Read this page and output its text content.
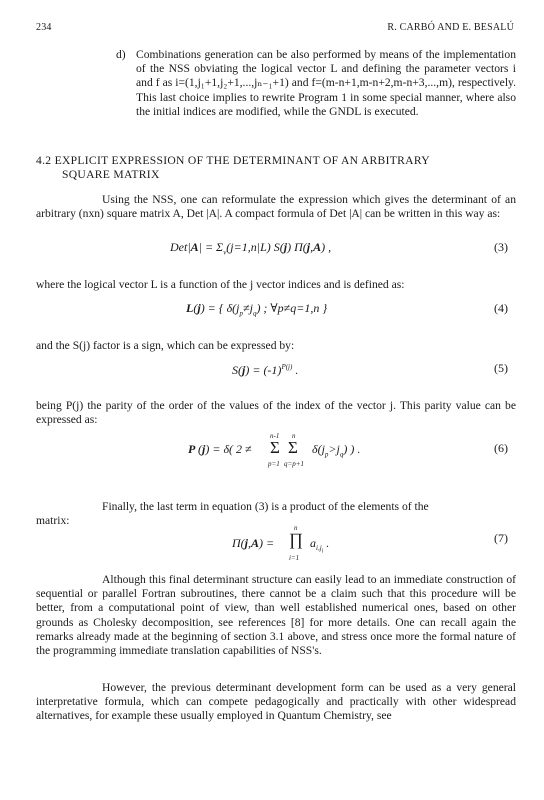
234	R. CARBÓ AND E. BESALÚ
d) Combinations generation can be also performed by means of the implementation of the NSS obviating the logical vector L and defining the parameter vectors i and f as i=(1,j₁+1,j₂+1,...,jₙ₋₁+1) and f=(m-n+1,m-n+2,m-n+3,...,m), respectively. This last choice implies to rewrite Program 1 in some special manner, where also the initial indices are modified, while the GNDL is executed.
4.2 EXPLICIT EXPRESSION OF THE DETERMINANT OF AN ARBITRARY
SQUARE MATRIX
Using the NSS, one can reformulate the expression which gives the determinant of an arbitrary (nxn) square matrix A, Det |A|. A compact formula of Det |A| can be written in this way as:
$Det|A| = \Sigma_v(j=1,n|L)$ S(j) Π(j,A) ,	(3)
where the logical vector L is a function of the j vector indices and is defined as:
L(j) = { $\delta(j_p\ne j_q)$ ; ∀p≠q=1,n }	(4)
and the S(j) factor is a sign, which can be expressed by:
$S(j) = (-1)^{P(j)}$ .	(5)
being P(j) the parity of the order of the values of the index of the vector j. This parity value can be expressed as:
P (j) = δ( 2 ≠
n-1
Σ
p=1
n
Σ
q=p+1
$\delta(j_p>j_q)$ ) .	(6)
Finally, the last term in equation (3) is a product of the elements of the
matrix:
Π(j,A) =
n
∏
i=1
$a_{i,j_i}$ .	(7)
Although this final determinant structure can easily lead to an immediate construction of sequential or parallel Fortran subroutines, there cannot be a claim such that this procedure will be better, from a computational point of view, than well established numerical ones, based on other grounds as Cholesky decomposition, see references [8] for more details. One can recall again the remarks already made at the beginning of section 3.1 above, and stress once more the formal nature of the programming immediate translation capabilities of NSS's.
However, the previous determinant development form can be used as a very general interpretative formula, which can compete pedagogically and practically with other widespread alternatives, for example these usually employed in Quantum Chemistry, see
